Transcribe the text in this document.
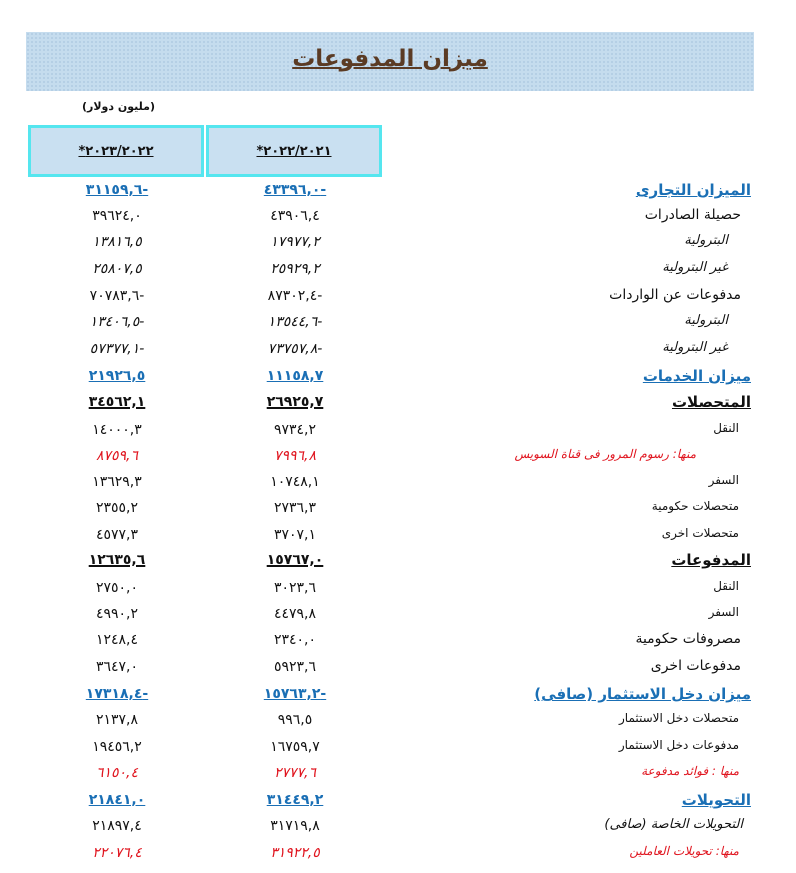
ميزان المدفوعات
(مليون دولار)
*٢٠٢٣/٢٠٢٢	*٢٠٢٢/٢٠٢١
٣١١٥٩,٦-	٤٣٣٩٦,٠-	الميزان التجارى
٣٩٦٢٤,٠	٤٣٩٠٦,٤	حصيلة الصادرات
١٣٨١٦,٥	١٧٩٧٧,٢	البترولية
٢٥٨٠٧,٥	٢٥٩٢٩,٢	غير البترولية
٧٠٧٨٣,٦-	٨٧٣٠٢,٤-	مدفوعات عن الواردات
١٣٤٠٦,٥-	١٣٥٤٤,٦-	البترولية
٥٧٣٧٧,١-	٧٣٧٥٧,٨-	غير البترولية
٢١٩٢٦,٥	١١١٥٨,٧	ميزان الخدمات
٣٤٥٦٢,١	٢٦٩٢٥,٧	المتحصلات
١٤٠٠٠,٣	٩٧٣٤,٢	النقل
٨٧٥٩,٦	٧٩٩٦,٨	منها: رسوم المرور فى قناة السويس
١٣٦٢٩,٣	١٠٧٤٨,١	السفر
٢٣٥٥,٢	٢٧٣٦,٣	متحصلات حكومية
٤٥٧٧,٣	٣٧٠٧,١	متحصلات اخرى
١٢٦٣٥,٦	١٥٧٦٧,٠	المدفوعات
٢٧٥٠,٠	٣٠٢٣,٦	النقل
٤٩٩٠,٢	٤٤٧٩,٨	السفر
١٢٤٨,٤	٢٣٤٠,٠	مصروفات حكومية
٣٦٤٧,٠	٥٩٢٣,٦	مدفوعات اخرى
١٧٣١٨,٤-	١٥٧٦٣,٢-	ميزان دخل الاستثمار (صافى)
٢١٣٧,٨	٩٩٦,٥	متحصلات دخل الاستثمار
١٩٤٥٦,٢	١٦٧٥٩,٧	مدفوعات دخل الاستثمار
٦١٥٠,٤	٢٧٧٧,٦	منها : فوائد مدفوعة
٢١٨٤١,٠	٣١٤٤٩,٢	التحويلات
٢١٨٩٧,٤	٣١٧١٩,٨	التحويلات الخاصة (صافى)
٢٢٠٧٦,٤	٣١٩٢٢,٥	منها: تحويلات العاملين
